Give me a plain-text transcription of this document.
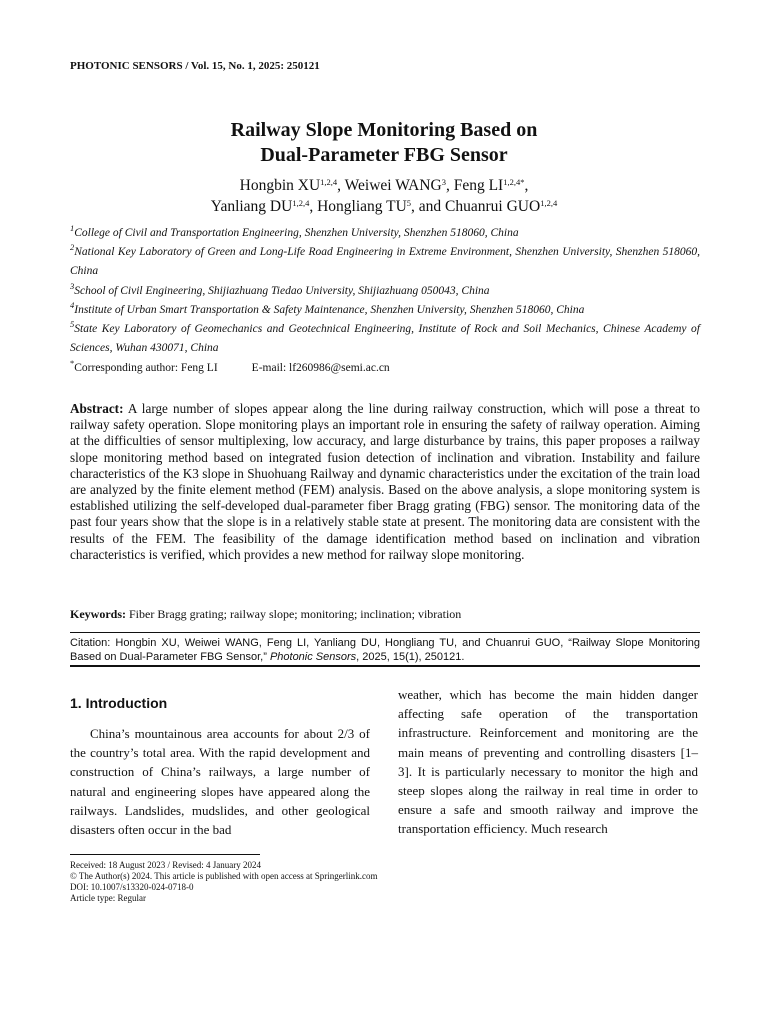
PHOTONIC SENSORS / Vol. 15, No. 1, 2025: 250121
Railway Slope Monitoring Based on
Dual-Parameter FBG Sensor
Hongbin XU$^{1,2,4}$, Weiwei WANG$^3$, Feng $LI^{1,2,4*}$,
Yanliang DU$^{1,2,4}$, Hongliang $TU^5$, and Chuanrui GUO$^{1,2,4}$
$^1$College of Civil and Transportation Engineering, Shenzhen University, Shenzhen 518060, China
$^2$National Key Laboratory of Green and Long-Life Road Engineering in Extreme Environment, Shenzhen University, Shenzhen 518060, China
$^3$School of Civil Engineering, Shijiazhuang Tiedao University, Shijiazhuang 050043, China
$^4$Institute of Urban Smart Transportation & Safety Maintenance, Shenzhen University, Shenzhen 518060, China
$^5$State Key Laboratory of Geomechanics and Geotechnical Engineering, Institute of Rock and Soil Mechanics, Chinese Academy of Sciences, Wuhan 430071, China
*Corresponding author: Feng LI	E-mail: lf260986@semi.ac.cn
Abstract: A large number of slopes appear along the line during railway construction, which will pose a threat to railway safety operation. Slope monitoring plays an important role in ensuring the safety of railway operation. Aiming at the difficulties of sensor multiplexing, low accuracy, and large disturbance by trains, this paper proposes a railway slope monitoring method based on integrated fusion detection of inclination and vibration. Instability and failure characteristics of the K3 slope in Shuohuang Railway and dynamic characteristics under the excitation of the train load are analyzed by the finite element method (FEM) analysis. Based on the above analysis, a slope monitoring system is established utilizing the self-developed dual-parameter fiber Bragg grating (FBG) sensor. The monitoring data of the past four years show that the slope is in a relatively stable state at present. The monitoring data are consistent with the results of the FEM. The feasibility of the damage identification method based on inclination and vibration characteristics is verified, which provides a new method for railway slope monitoring.
Keywords: Fiber Bragg grating; railway slope; monitoring; inclination; vibration
Citation: Hongbin XU, Weiwei WANG, Feng LI, Yanliang DU, Hongliang TU, and Chuanrui GUO, “Railway Slope Monitoring Based on Dual-Parameter FBG Sensor,” Photonic Sensors, 2025, 15(1), 250121.
1. Introduction

China’s mountainous area accounts for about 2/3 of the country’s total area. With the rapid development and construction of China’s railways, a large number of natural and engineering slopes have appeared along the railways. Landslides, mudslides, and other geological disasters often occur in the bad

weather, which has become the main hidden danger affecting safe operation of the transportation infrastructure. Reinforcement and monitoring are the main means of preventing and controlling disasters [1–3]. It is particularly necessary to monitor the high and steep slopes along the railway in real time in order to ensure a safe and smooth railway and improve the transportation efficiency. Much research

Received: 18 August 2023 / Revised: 4 January 2024
© The Author(s) 2024. This article is published with open access at Springerlink.com
DOI: 10.1007/s13320-024-0718-0
Article type: Regular
